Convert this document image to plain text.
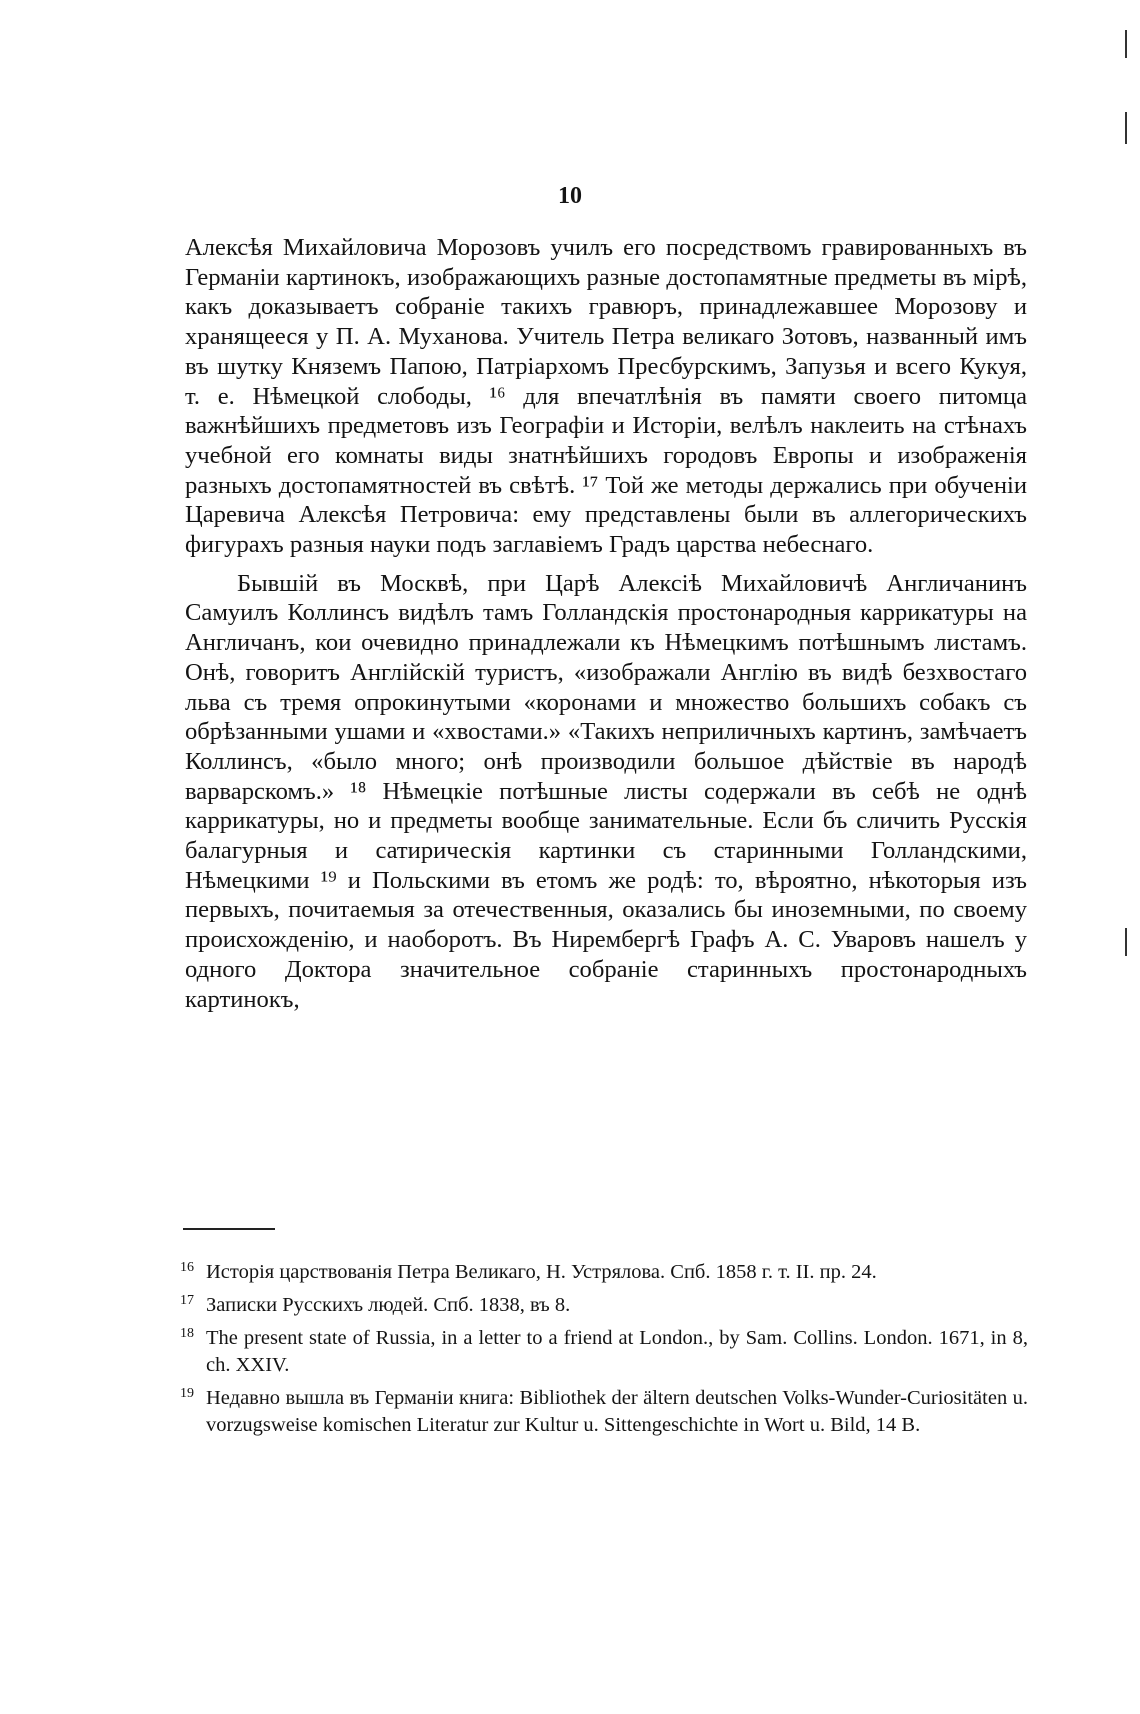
10

Алексѣя Михайловича Морозовъ училъ его посредствомъ гравированныхъ въ Германіи картинокъ, изображающихъ разные достопамятные предметы въ мірѣ, какъ доказываетъ собраніе такихъ гравюръ, принадлежавшее Морозову и хранящееся у П. А. Муханова. Учитель Петра великаго Зотовъ, названный имъ въ шутку Княземъ Папою, Патріархомъ Пресбурскимъ, Запузья и всего Кукуя, т. е. Нѣмецкой слободы, ¹⁶ для впечатлѣнія въ памяти своего питомца важнѣйшихъ предметовъ изъ Географіи и Исторіи, велѣлъ наклеить на стѣнахъ учебной его комнаты виды знатнѣйшихъ городовъ Европы и изображенія разныхъ достопамятностей въ свѣтѣ. ¹⁷ Той же методы держались при обученіи Царевича Алексѣя Петровича: ему представлены были въ аллегорическихъ фигурахъ разныя науки подъ заглавіемъ Градъ царства небеснаго.

Бывшій въ Москвѣ, при Царѣ Алексіѣ Михайловичѣ Англичанинъ Самуилъ Коллинсъ видѣлъ тамъ Голландскія простонародныя каррикатуры на Англичанъ, кои очевидно принадлежали къ Нѣмецкимъ потѣшнымъ листамъ. Онѣ, говоритъ Англійскій туристъ, «изображали Англію въ видѣ безхвостаго льва съ тремя опрокинутыми «коронами и множество большихъ собакъ съ обрѣзанными ушами и «хвостами.» «Такихъ неприличныхъ картинъ, замѣчаетъ Коллинсъ, «было много; онѣ производили большое дѣйствіе въ народѣ варварскомъ.» ¹⁸ Нѣмецкіе потѣшные листы содержали въ себѣ не однѣ каррикатуры, но и предметы вообще занимательные. Если бъ сличить Русскія балагурныя и сатирическія картинки съ старинными Голландскими, Нѣмецкими ¹⁹ и Польскими въ етомъ же родѣ: то, вѣроятно, нѣкоторыя изъ первыхъ, почитаемыя за отечественныя, оказались бы иноземными, по своему происхожденію, и наоборотъ. Въ Нирембергѣ Графъ А. С. Уваровъ нашелъ у одного Доктора значительное собраніе старинныхъ простонародныхъ картинокъ,

16 Исторія царствованія Петра Великаго, Н. Устрялова. Спб. 1858 г. т. II. пр. 24.

17 Записки Русскихъ людей. Спб. 1838, въ 8.

18 The present state of Russia, in a letter to a friend at London., by Sam. Collins. London. 1671, in 8, ch. XXIV.

19 Недавно вышла въ Германіи книга: Bibliothek der ältern deutschen Volks-Wunder-Curiositäten u. vorzugsweise komischen Literatur zur Kultur u. Sittengeschichte in Wort u. Bild, 14 B.
